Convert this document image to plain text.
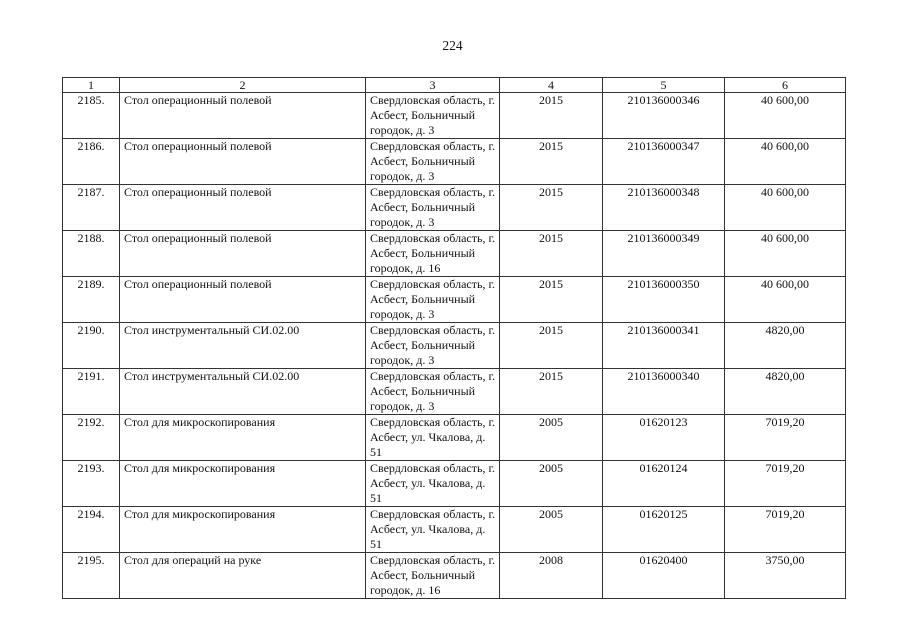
224
1	2	3	4	5	6
2185.	Стол операционный полевой	Свердловская область, г. Асбест, Больничный городок, д. 3	2015	210136000346	40 600,00
2186.	Стол операционный полевой	Свердловская область, г. Асбест, Больничный городок, д. 3	2015	210136000347	40 600,00
2187.	Стол операционный полевой	Свердловская область, г. Асбест, Больничный городок, д. 3	2015	210136000348	40 600,00
2188.	Стол операционный полевой	Свердловская область, г. Асбест, Больничный городок, д. 16	2015	210136000349	40 600,00
2189.	Стол операционный полевой	Свердловская область, г. Асбест, Больничный городок, д. 3	2015	210136000350	40 600,00
2190.	Стол инструментальный СИ.02.00	Свердловская область, г. Асбест, Больничный городок, д. 3	2015	210136000341	4820,00
2191.	Стол инструментальный СИ.02.00	Свердловская область, г. Асбест, Больничный городок, д. 3	2015	210136000340	4820,00
2192.	Стол для микроскопирования	Свердловская область, г. Асбест, ул. Чкалова, д. 51	2005	01620123	7019,20
2193.	Стол для микроскопирования	Свердловская область, г. Асбест, ул. Чкалова, д. 51	2005	01620124	7019,20
2194.	Стол для микроскопирования	Свердловская область, г. Асбест, ул. Чкалова, д. 51	2005	01620125	7019,20
2195.	Стол для операций на руке	Свердловская область, г. Асбест, Больничный городок, д. 16	2008	01620400	3750,00
